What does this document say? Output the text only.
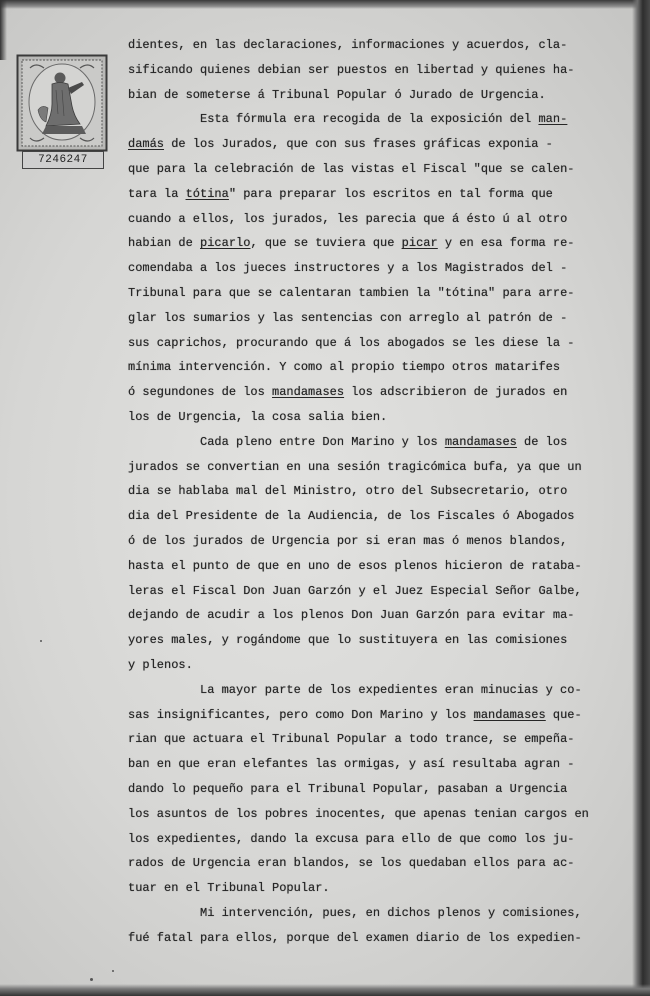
7246247
dientes, en las declaraciones, informaciones y acuerdos, cla-
sificando quienes debian ser puestos en libertad y quienes ha-
bian de someterse á Tribunal Popular ó Jurado de Urgencia.
Esta fórmula era recogida de la exposición del man-
damás de los Jurados, que con sus frases gráficas exponia -
que para la celebración de las vistas el Fiscal "que se calen-
tara la tótina" para preparar los escritos en tal forma que
cuando a ellos, los jurados, les parecia que á ésto ú al otro
habian de picarlo, que se tuviera que picar y en esa forma re-
comendaba a los jueces instructores y a los Magistrados del -
Tribunal para que se calentaran tambien la "tótina" para arre-
glar los sumarios y las sentencias con arreglo al patrón de -
sus caprichos, procurando que á los abogados se les diese la -
mínima intervención. Y como al propio tiempo otros matarifes
ó segundones de los mandamases los adscribieron de jurados en
los de Urgencia, la cosa salia bien.
Cada pleno entre Don Marino y los mandamases de los
jurados se convertian en una sesión tragicómica bufa, ya que un
dia se hablaba mal del Ministro, otro del Subsecretario, otro
dia del Presidente de la Audiencia, de los Fiscales ó Abogados
ó de los jurados de Urgencia por si eran mas ó menos blandos,
hasta el punto de que en uno de esos plenos hicieron de rataba-
leras el Fiscal Don Juan Garzón y el Juez Especial Señor Galbe,
dejando de acudir a los plenos Don Juan Garzón para evitar ma-
yores males, y rogándome que lo sustituyera en las comisiones
y plenos.
La mayor parte de los expedientes eran minucias y co-
sas insignificantes, pero como Don Marino y los mandamases que-
rian que actuara el Tribunal Popular a todo trance, se empeña-
ban en que eran elefantes las ormigas, y así resultaba agran -
dando lo pequeño para el Tribunal Popular, pasaban a Urgencia
los asuntos de los pobres inocentes, que apenas tenian cargos en
los expedientes, dando la excusa para ello de que como los ju-
rados de Urgencia eran blandos, se los quedaban ellos para ac-
tuar en el Tribunal Popular.
Mi intervención, pues, en dichos plenos y comisiones,
fué fatal para ellos, porque del examen diario de los expedien-
